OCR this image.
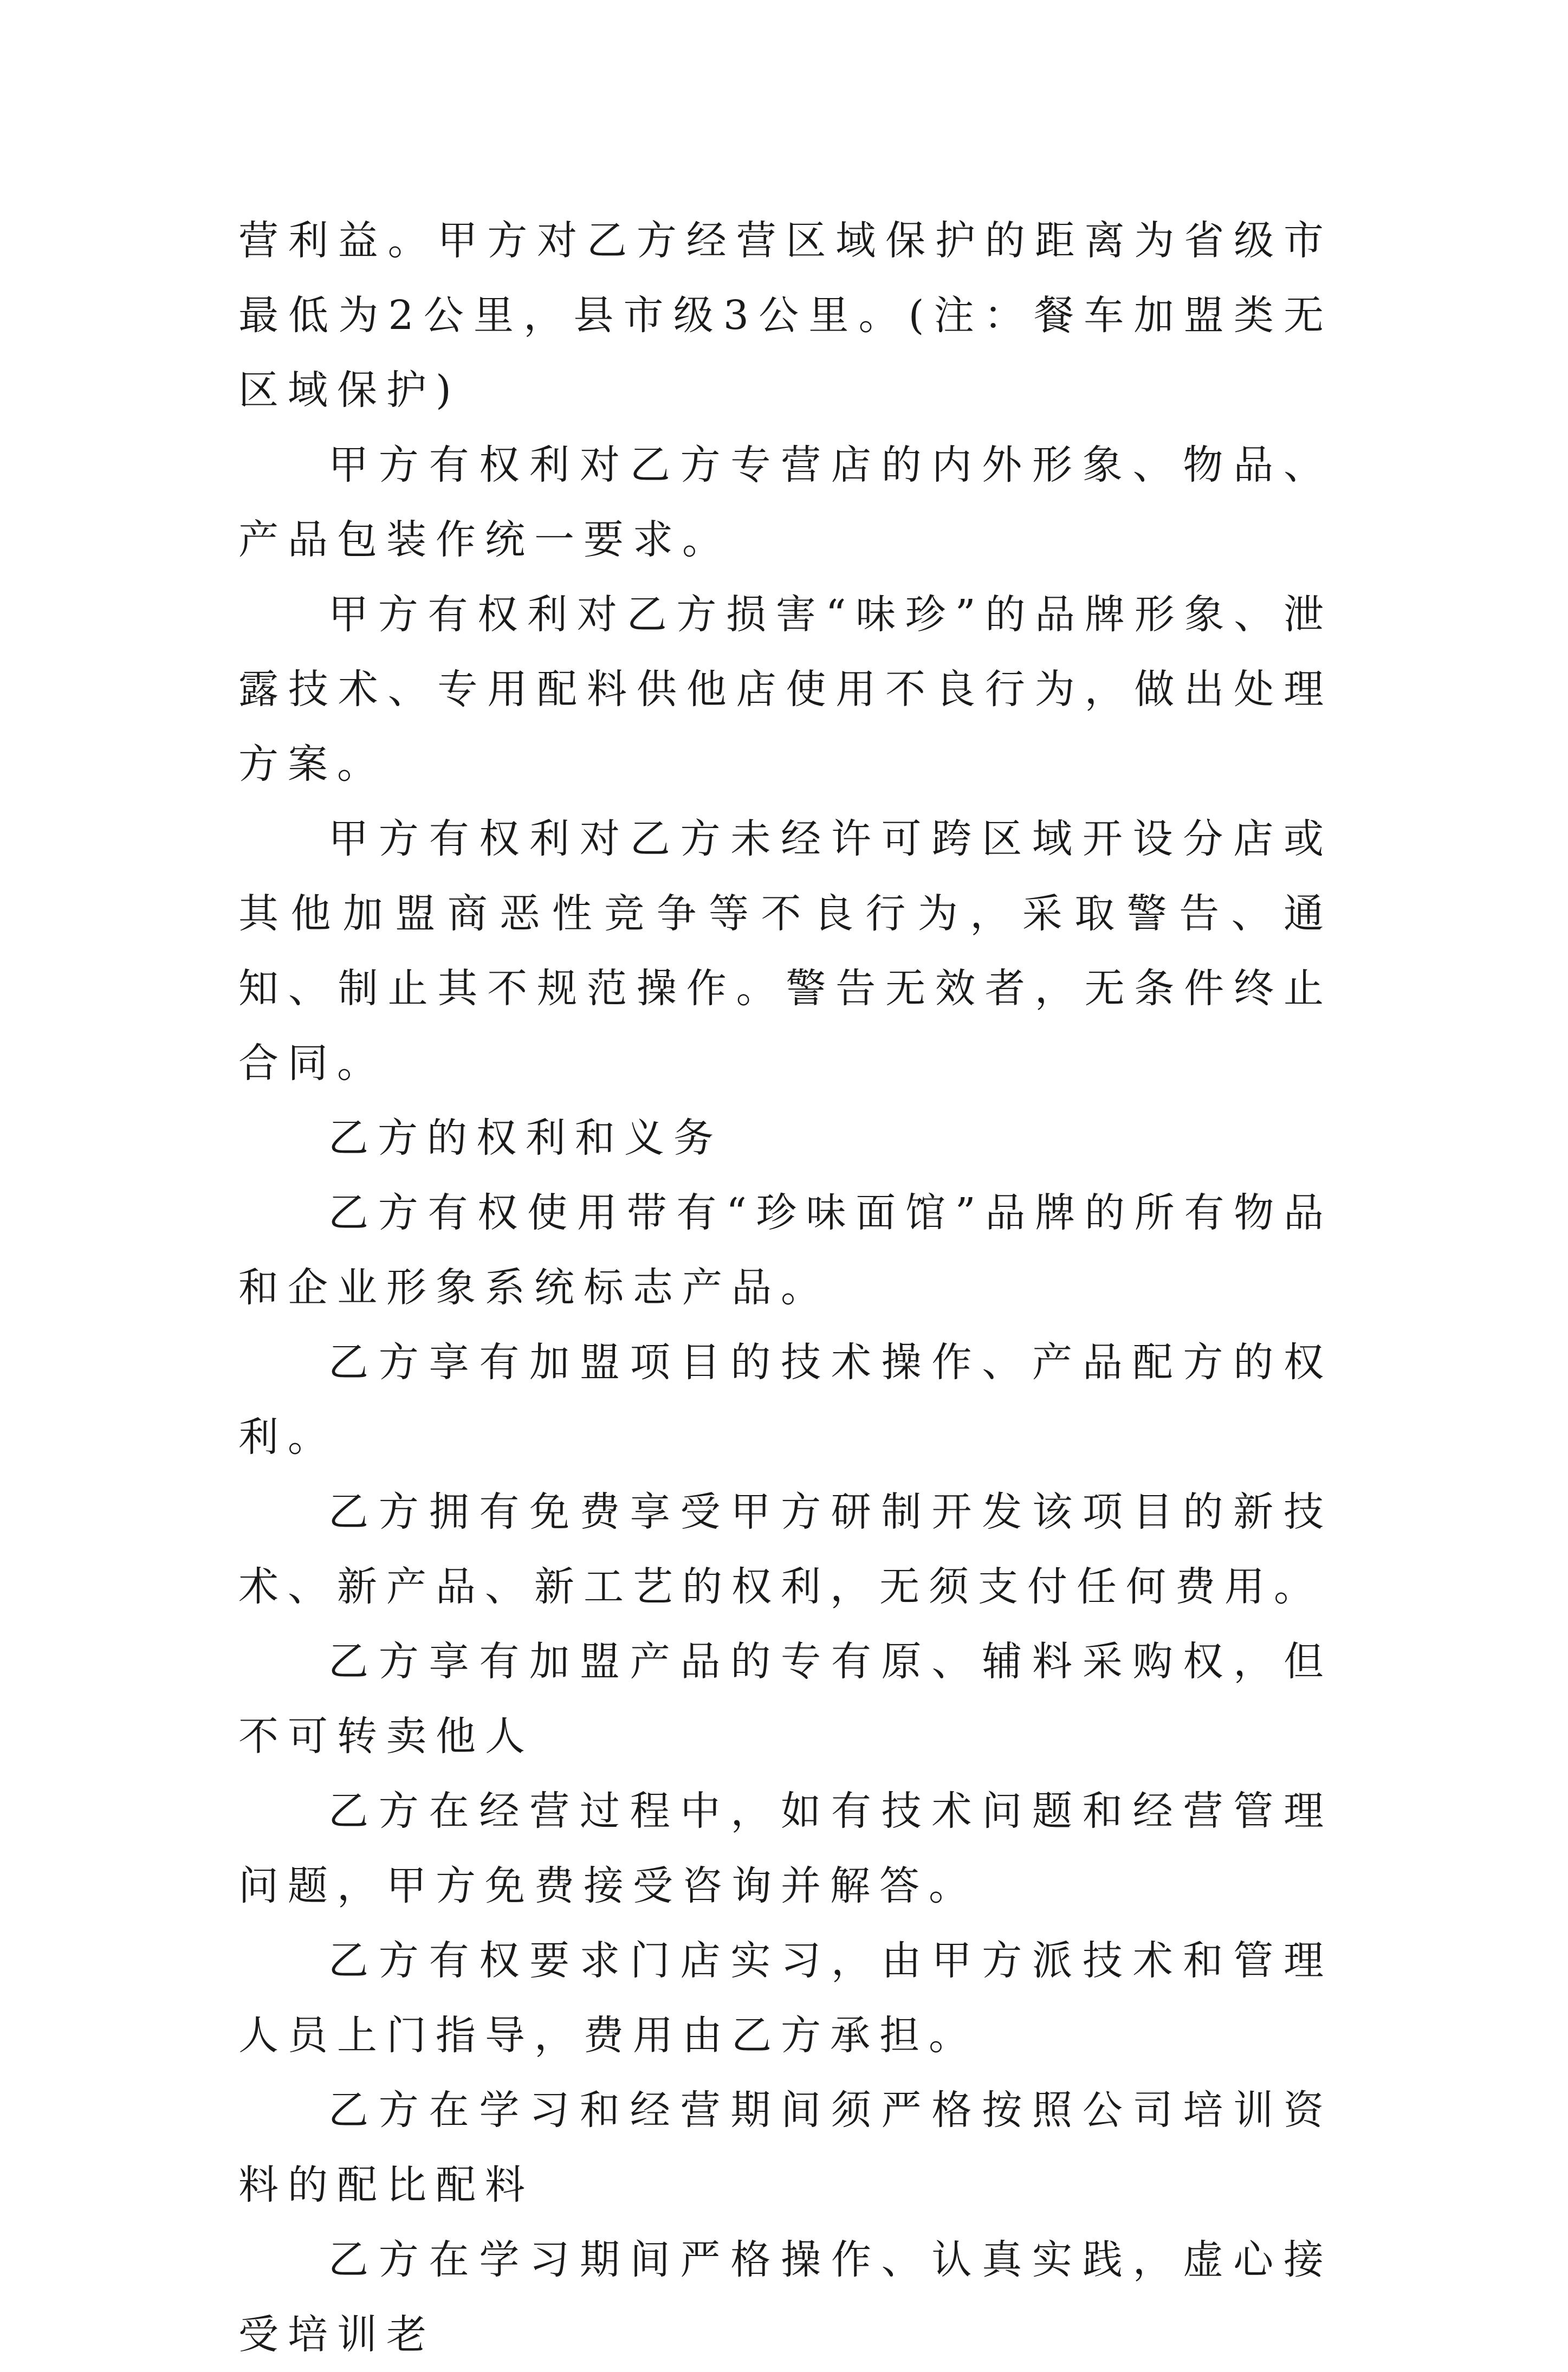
营利益。甲方对乙方经营区域保护的距离为省级市最低为2公里，县市级3公里。(注：餐车加盟类无区域保护)

甲方有权利对乙方专营店的内外形象、物品、产品包装作统一要求。

甲方有权利对乙方损害“味珍”的品牌形象、泄露技术、专用配料供他店使用不良行为，做出处理方案。

甲方有权利对乙方未经许可跨区域开设分店或其他加盟商恶性竞争等不良行为，采取警告、通知、制止其不规范操作。警告无效者，无条件终止合同。

乙方的权利和义务

乙方有权使用带有“珍味面馆”品牌的所有物品和企业形象系统标志产品。

乙方享有加盟项目的技术操作、产品配方的权利。

乙方拥有免费享受甲方研制开发该项目的新技术、新产品、新工艺的权利，无须支付任何费用。

乙方享有加盟产品的专有原、辅料采购权，但不可转卖他人

乙方在经营过程中，如有技术问题和经营管理问题，甲方免费接受咨询并解答。

乙方有权要求门店实习，由甲方派技术和管理人员上门指导，费用由乙方承担。

乙方在学习和经营期间须严格按照公司培训资料的配比配料

乙方在学习期间严格操作、认真实践，虚心接受培训老
